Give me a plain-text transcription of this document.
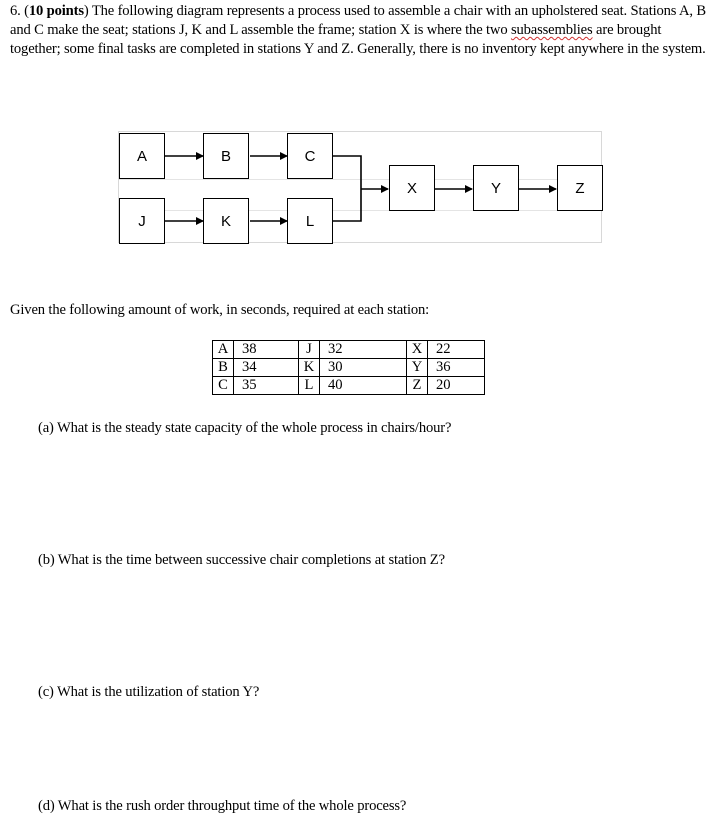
6. (10 points) The following diagram represents a process used to assemble a chair with an upholstered seat. Stations A, B and C make the seat; stations J, K and L assemble the frame; station X is where the two subassemblies are brought together; some final tasks are completed in stations Y and Z. Generally, there is no inventory kept anywhere in the system.
A	B	C
J	K	L
X	Y	Z
Given the following amount of work, in seconds, required at each station:
A	38	J	32	X	22
B	34	K	30	Y	36
C	35	L	40	Z	20
(a) What is the steady state capacity of the whole process in chairs/hour?
(b) What is the time between successive chair completions at station Z?
(c) What is the utilization of station Y?
(d) What is the rush order throughput time of the whole process?
